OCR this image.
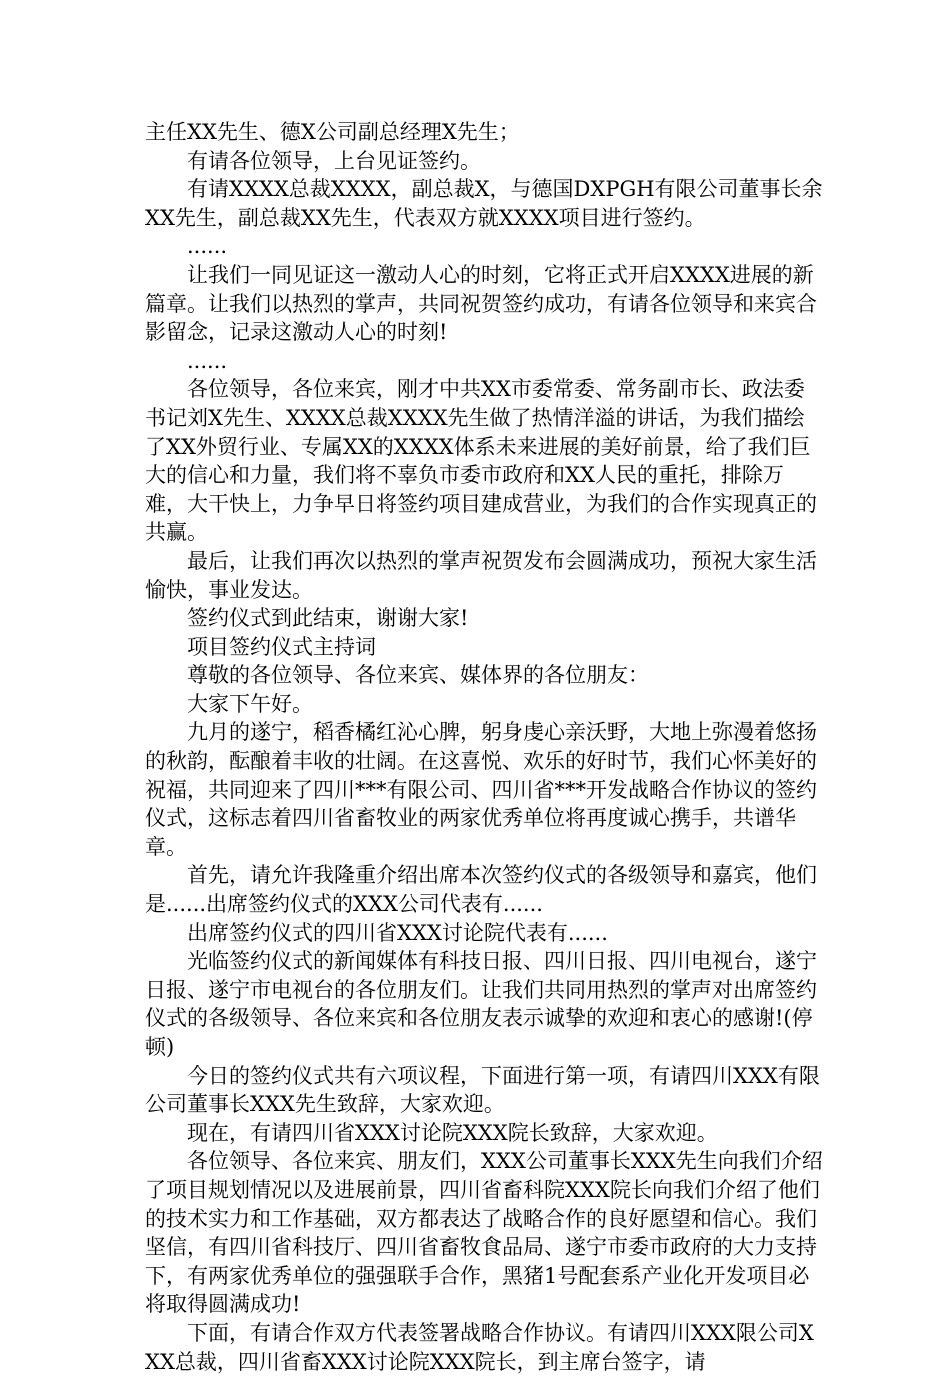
主任XX先生、德X公司副总经理X先生；

有请各位领导，上台见证签约。

有请XXXX总裁XXXX，副总裁X，与德国DXPGH有限公司董事长余XX先生，副总裁XX先生，代表双方就XXXX项目进行签约。

......

让我们一同见证这一激动人心的时刻，它将正式开启XXXX进展的新篇章。让我们以热烈的掌声，共同祝贺签约成功，有请各位领导和来宾合影留念，记录这激动人心的时刻!

......

各位领导，各位来宾，刚才中共XX市委常委、常务副市长、政法委书记刘X先生、XXXX总裁XXXX先生做了热情洋溢的讲话，为我们描绘了XX外贸行业、专属XX的XXXX体系未来进展的美好前景，给了我们巨大的信心和力量，我们将不辜负市委市政府和XX人民的重托，排除万难，大干快上，力争早日将签约项目建成营业，为我们的合作实现真正的共赢。

最后，让我们再次以热烈的掌声祝贺发布会圆满成功，预祝大家生活愉快，事业发达。

签约仪式到此结束，谢谢大家!

项目签约仪式主持词

尊敬的各位领导、各位来宾、媒体界的各位朋友：

大家下午好。

九月的遂宁，稻香橘红沁心脾，躬身虔心亲沃野，大地上弥漫着悠扬的秋韵，酝酿着丰收的壮阔。在这喜悦、欢乐的好时节，我们心怀美好的祝福，共同迎来了四川***有限公司、四川省***开发战略合作协议的签约仪式，这标志着四川省畜牧业的两家优秀单位将再度诚心携手，共谱华章。

首先，请允许我隆重介绍出席本次签约仪式的各级领导和嘉宾，他们是......出席签约仪式的XXX公司代表有......

出席签约仪式的四川省XXX讨论院代表有......

光临签约仪式的新闻媒体有科技日报、四川日报、四川电视台，遂宁日报、遂宁市电视台的各位朋友们。让我们共同用热烈的掌声对出席签约仪式的各级领导、各位来宾和各位朋友表示诚挚的欢迎和衷心的感谢!(停顿)

今日的签约仪式共有六项议程，下面进行第一项，有请四川XXX有限公司董事长XXX先生致辞，大家欢迎。

现在，有请四川省XXX讨论院XXX院长致辞，大家欢迎。

各位领导、各位来宾、朋友们，XXX公司董事长XXX先生向我们介绍了项目规划情况以及进展前景，四川省畜科院XXX院长向我们介绍了他们的技术实力和工作基础，双方都表达了战略合作的良好愿望和信心。我们坚信，有四川省科技厅、四川省畜牧食品局、遂宁市委市政府的大力支持下，有两家优秀单位的强强联手合作，黑猪1号配套系产业化开发项目必将取得圆满成功!

下面，有请合作双方代表签署战略合作协议。有请四川XXX限公司XXX总裁，四川省畜XXX讨论院XXX院长，到主席台签字，请
